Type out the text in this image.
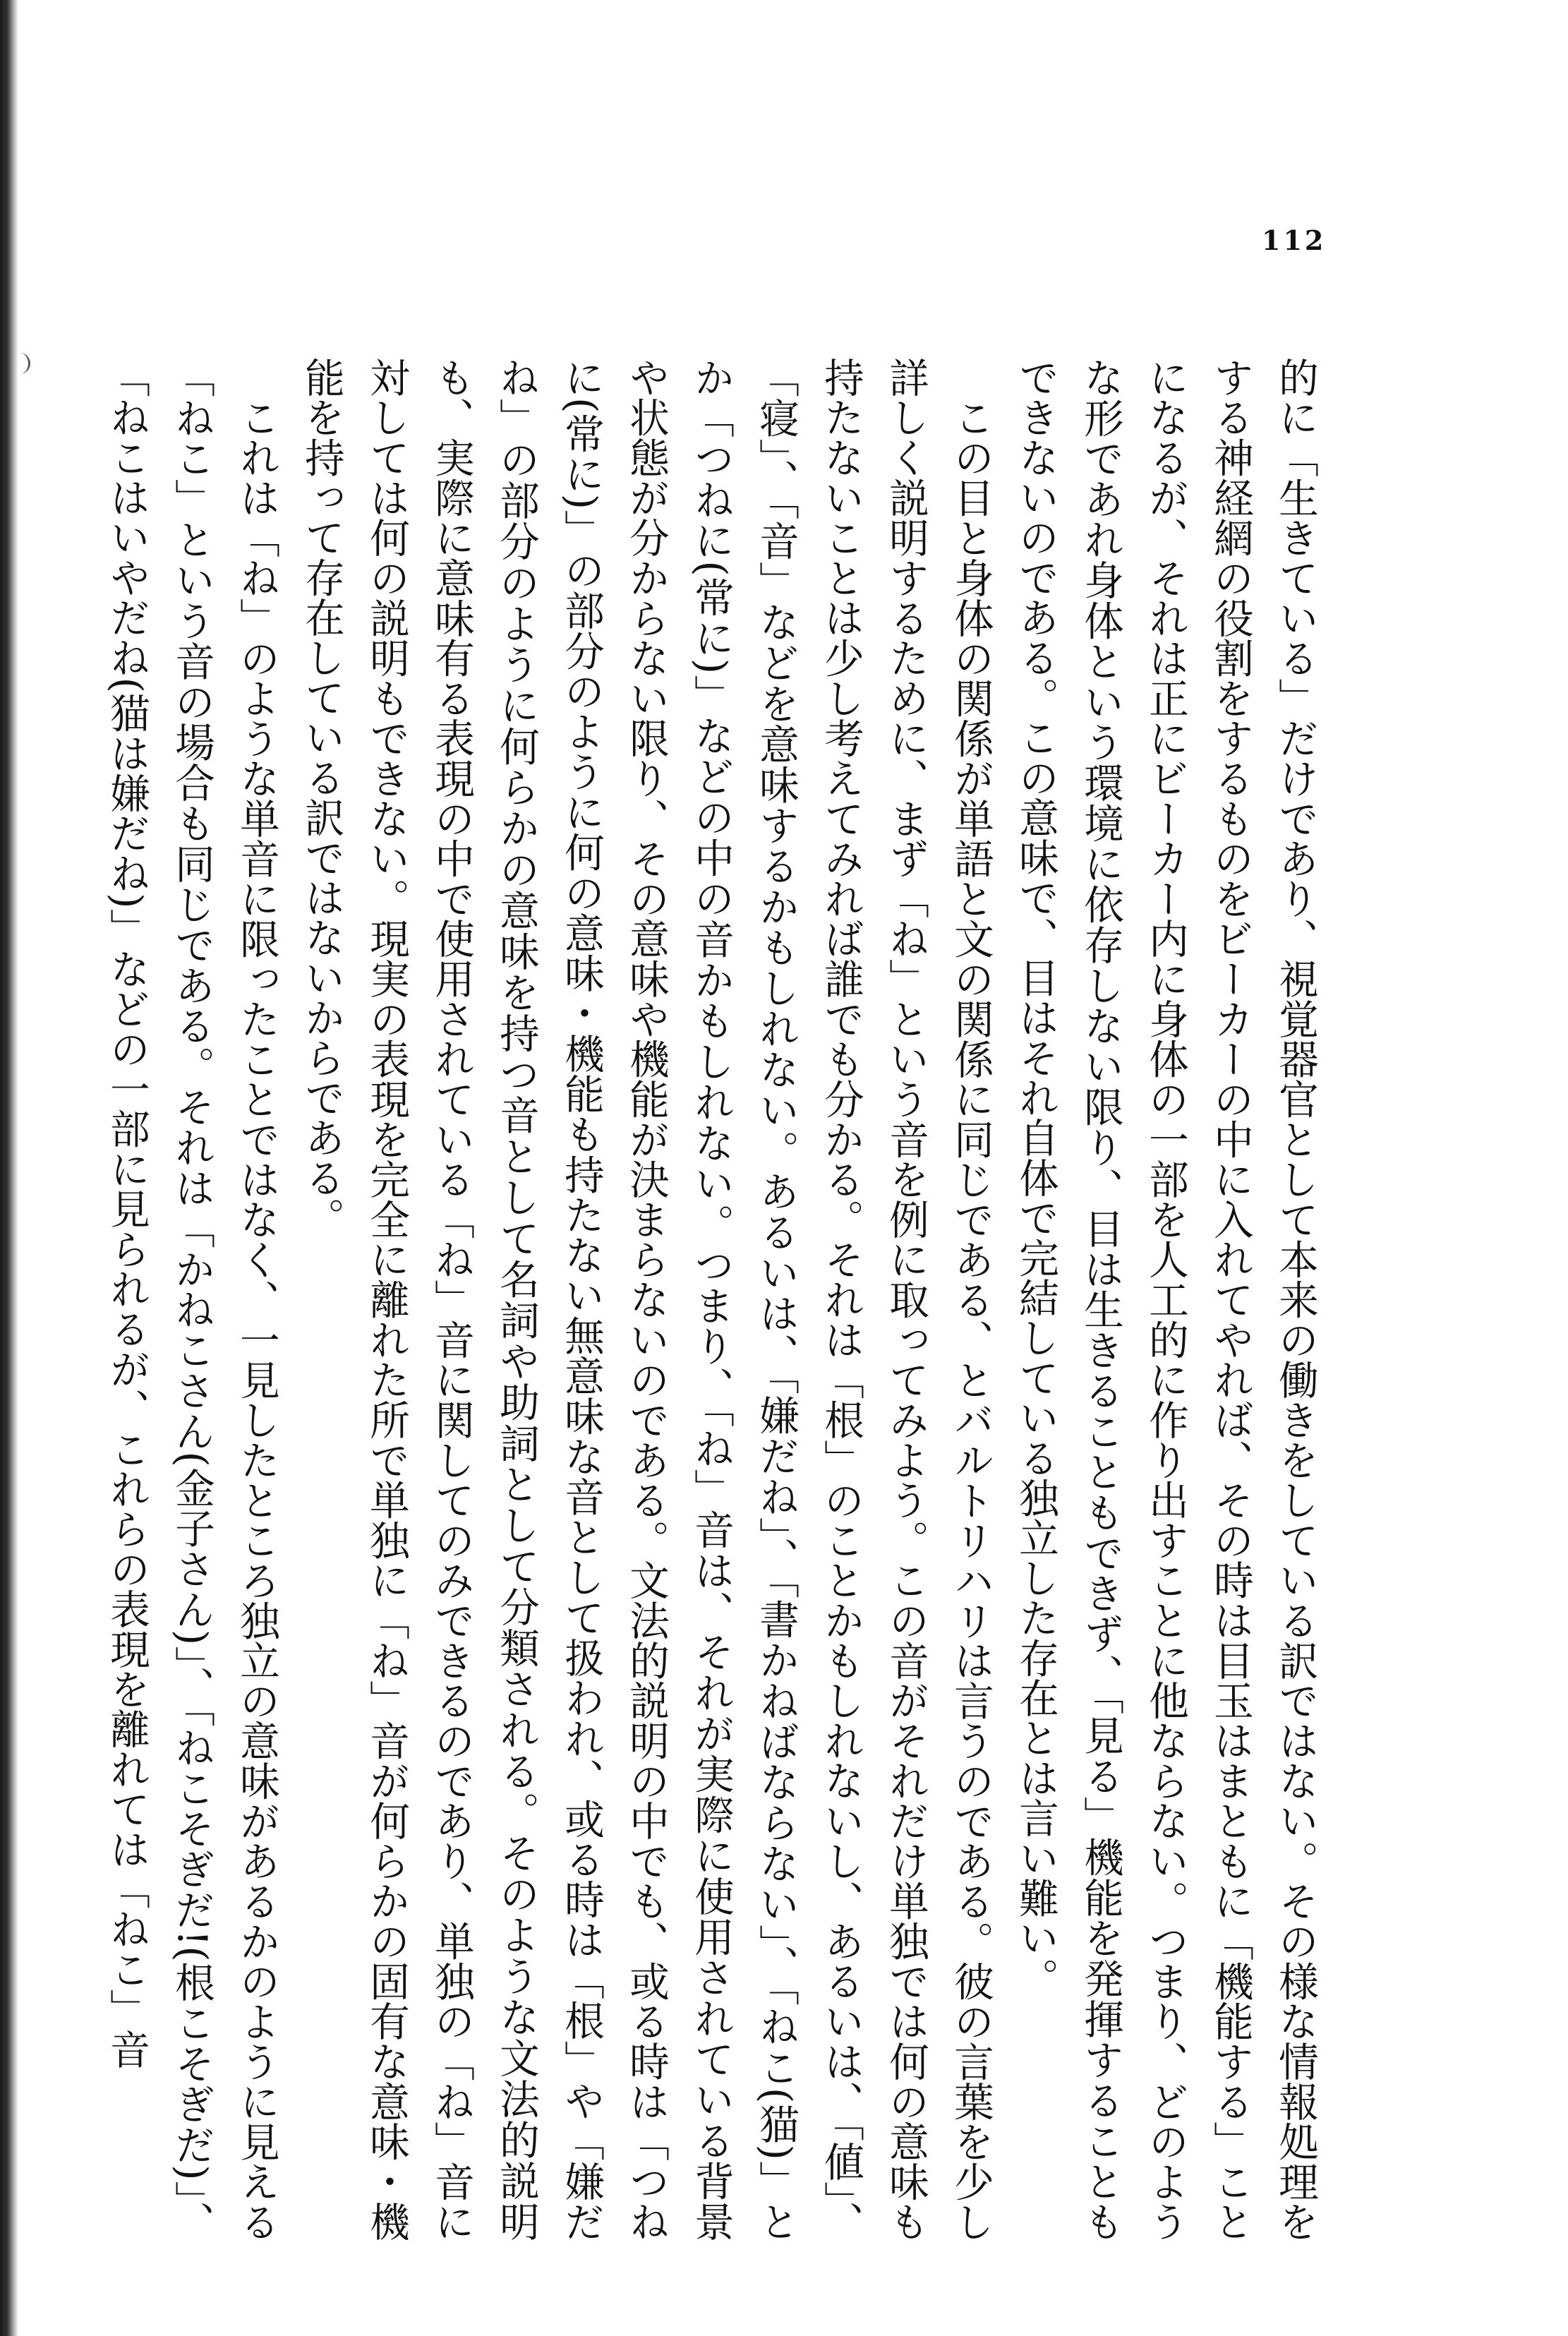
112

的に「生きている」だけであり、視覚器官として本来の働きをしている訳ではない。その様な情報処理をする神経網の役割をするものをビーカーの中に入れてやれば、その時は目玉はまともに「機能する」ことになるが、それは正にビーカー内に身体の一部を人工的に作り出すことに他ならない。つまり、どのような形であれ身体という環境に依存しない限り、目は生きることもできず、「見る」機能を発揮することもできないのである。この意味で、目はそれ自体で完結している独立した存在とは言い難い。

この目と身体の関係が単語と文の関係に同じである、とバルトリハリは言うのである。彼の言葉を少し詳しく説明するために、まず「ね」という音を例に取ってみよう。この音がそれだけ単独では何の意味も持たないことは少し考えてみれば誰でも分かる。それは「根」のことかもしれないし、あるいは、「値」、「寝」、「音」などを意味するかもしれない。あるいは、「嫌だね」、「書かねばならない」、「ねこ(猫)」とか「つねに(常に)」などの中の音かもしれない。つまり、「ね」音は、それが実際に使用されている背景や状態が分からない限り、その意味や機能が決まらないのである。文法的説明の中でも、或る時は「つねに(常に)」の部分のように何の意味・機能も持たない無意味な音として扱われ、或る時は「根」や「嫌だね」の部分のように何らかの意味を持つ音として名詞や助詞として分類される。そのような文法的説明も、実際に意味有る表現の中で使用されている「ね」音に関してのみできるのであり、単独の「ね」音に対しては何の説明もできない。現実の表現を完全に離れた所で単独に「ね」音が何らかの固有な意味・機能を持って存在している訳ではないからである。

これは「ね」のような単音に限ったことではなく、一見したところ独立の意味があるかのように見える「ねこ」という音の場合も同じである。それは「かねこさん(金子さん)」、「ねこそぎだ!(根こそぎだ)」、「ねこはいやだね(猫は嫌だね)」などの一部に見られるが、これらの表現を離れては「ねこ」音
